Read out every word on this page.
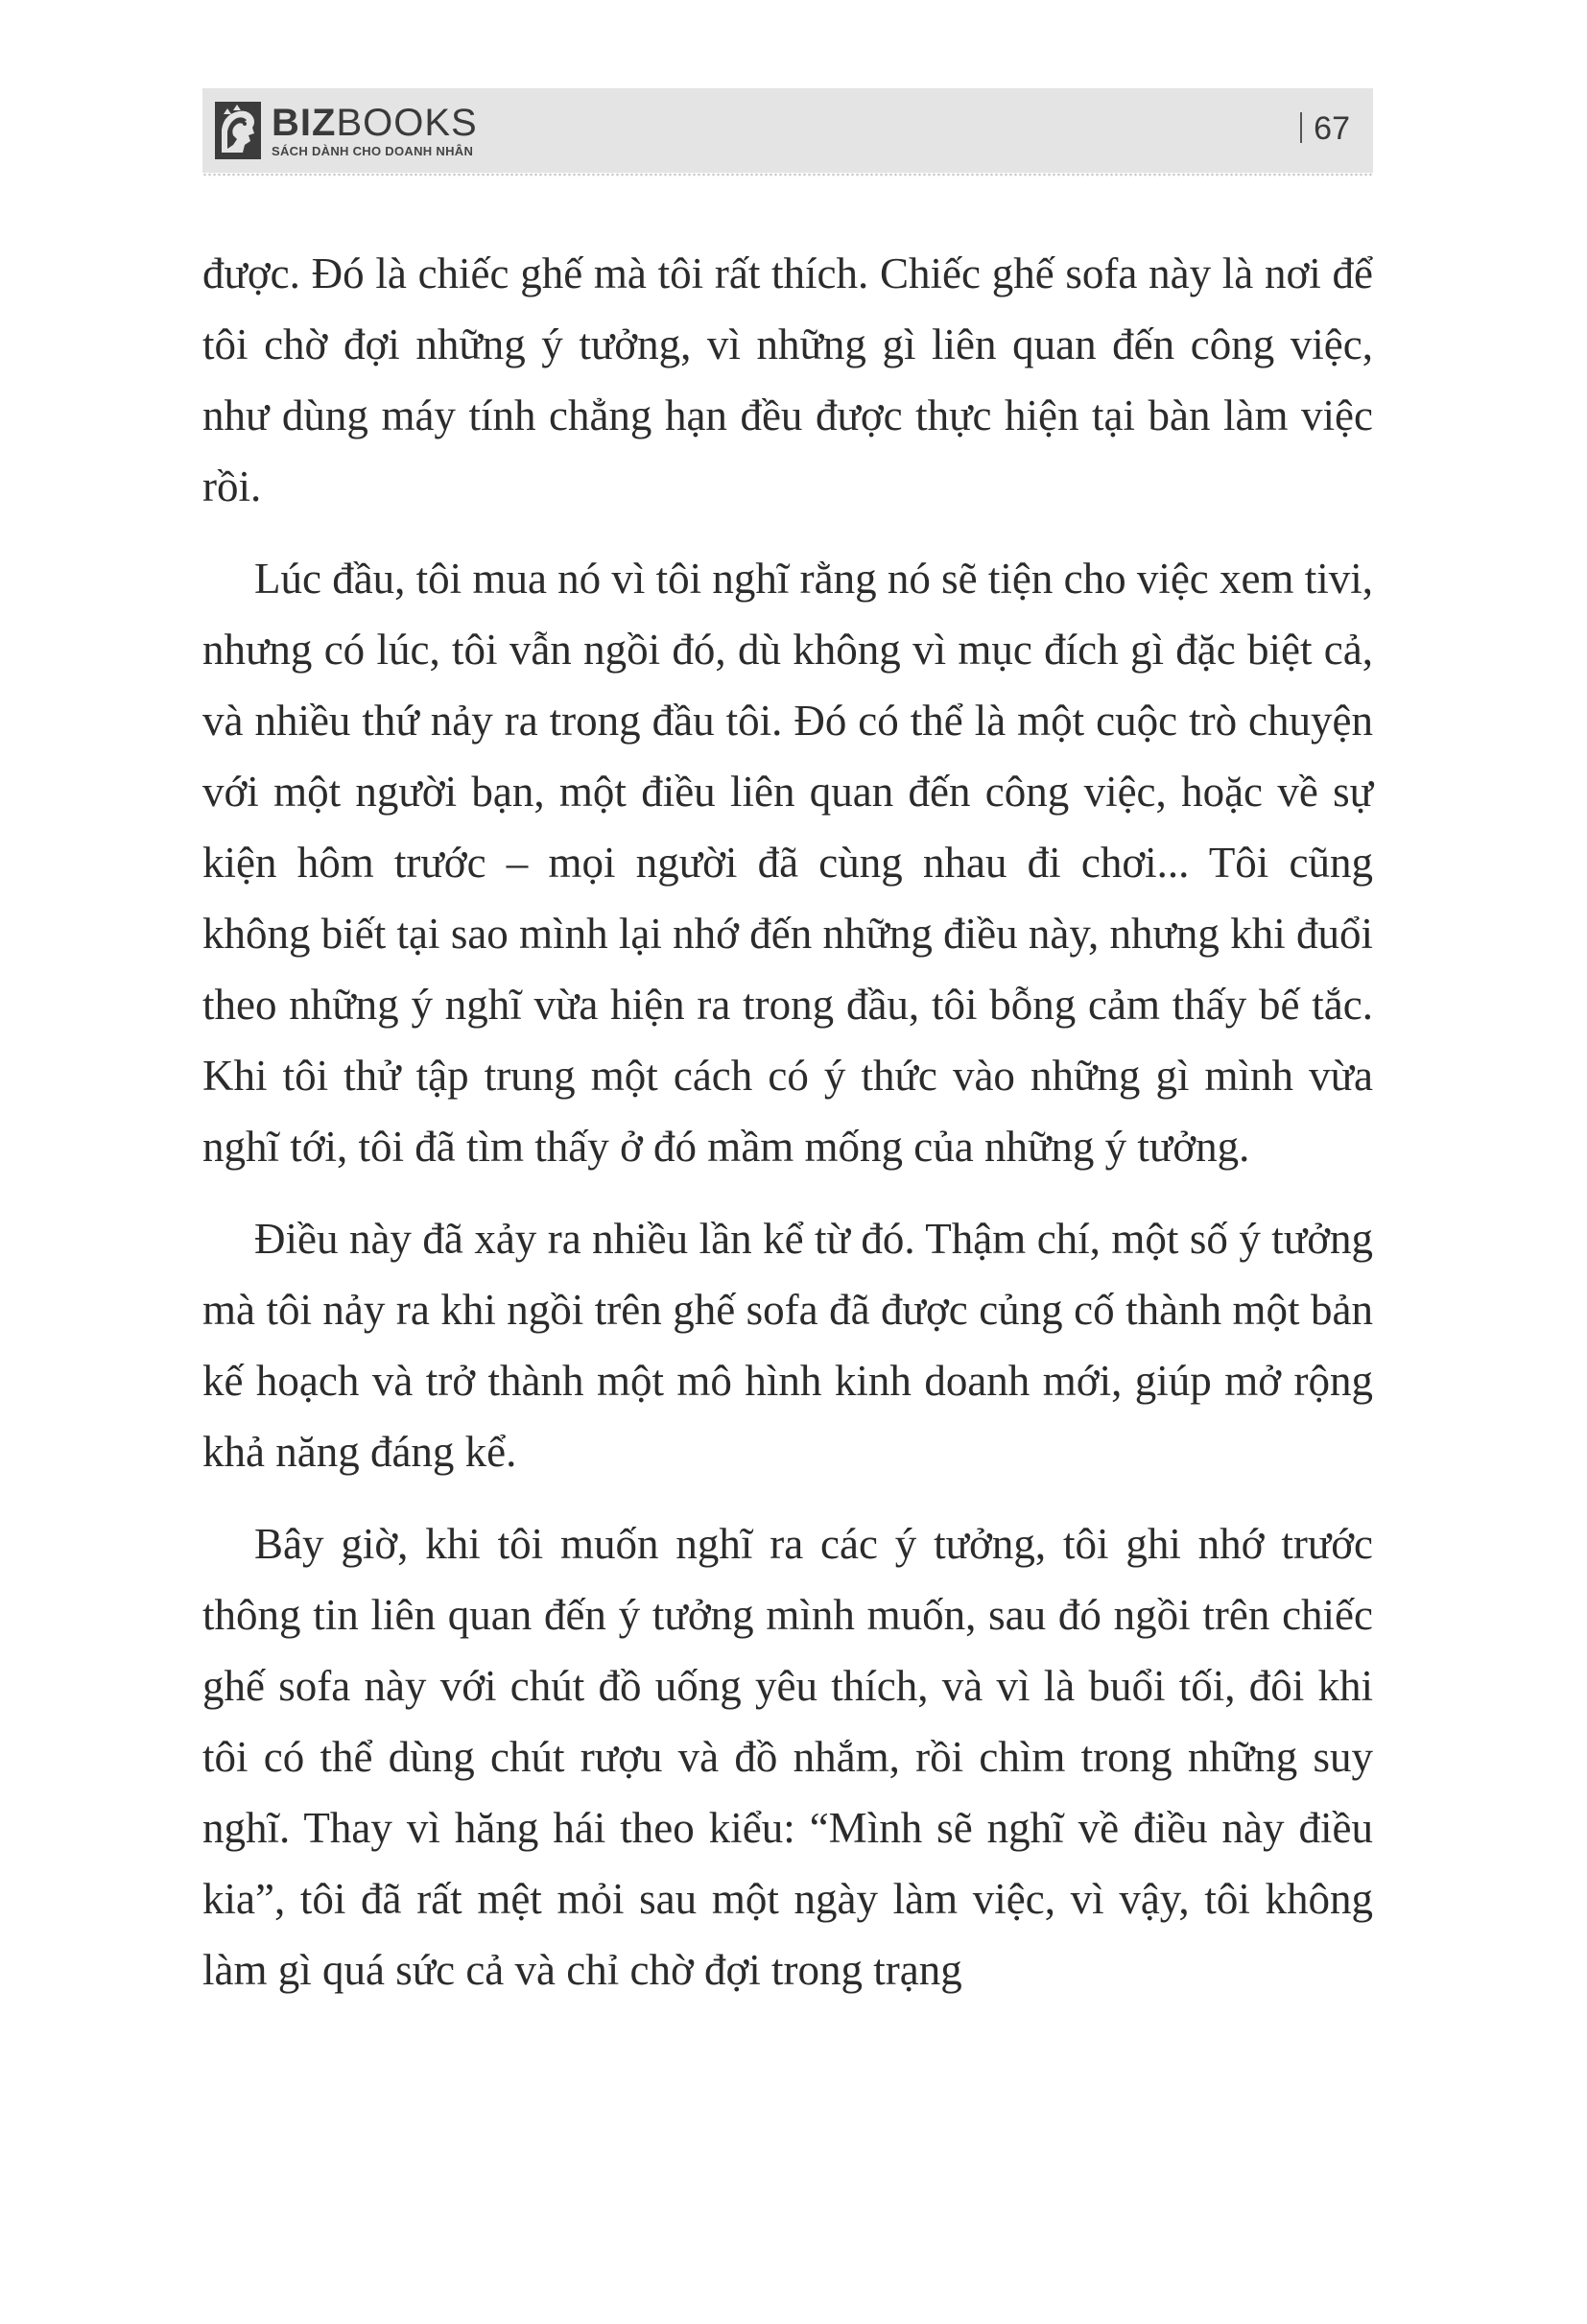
BIZBOOKS
SÁCH DÀNH CHO DOANH NHÂN
67

được. Đó là chiếc ghế mà tôi rất thích. Chiếc ghế sofa này là nơi để tôi chờ đợi những ý tưởng, vì những gì liên quan đến công việc, như dùng máy tính chẳng hạn đều được thực hiện tại bàn làm việc rồi.

Lúc đầu, tôi mua nó vì tôi nghĩ rằng nó sẽ tiện cho việc xem tivi, nhưng có lúc, tôi vẫn ngồi đó, dù không vì mục đích gì đặc biệt cả, và nhiều thứ nảy ra trong đầu tôi. Đó có thể là một cuộc trò chuyện với một người bạn, một điều liên quan đến công việc, hoặc về sự kiện hôm trước – mọi người đã cùng nhau đi chơi... Tôi cũng không biết tại sao mình lại nhớ đến những điều này, nhưng khi đuổi theo những ý nghĩ vừa hiện ra trong đầu, tôi bỗng cảm thấy bế tắc. Khi tôi thử tập trung một cách có ý thức vào những gì mình vừa nghĩ tới, tôi đã tìm thấy ở đó mầm mống của những ý tưởng.

Điều này đã xảy ra nhiều lần kể từ đó. Thậm chí, một số ý tưởng mà tôi nảy ra khi ngồi trên ghế sofa đã được củng cố thành một bản kế hoạch và trở thành một mô hình kinh doanh mới, giúp mở rộng khả năng đáng kể.

Bây giờ, khi tôi muốn nghĩ ra các ý tưởng, tôi ghi nhớ trước thông tin liên quan đến ý tưởng mình muốn, sau đó ngồi trên chiếc ghế sofa này với chút đồ uống yêu thích, và vì là buổi tối, đôi khi tôi có thể dùng chút rượu và đồ nhắm, rồi chìm trong những suy nghĩ. Thay vì hăng hái theo kiểu: “Mình sẽ nghĩ về điều này điều kia”, tôi đã rất mệt mỏi sau một ngày làm việc, vì vậy, tôi không làm gì quá sức cả và chỉ chờ đợi trong trạng
